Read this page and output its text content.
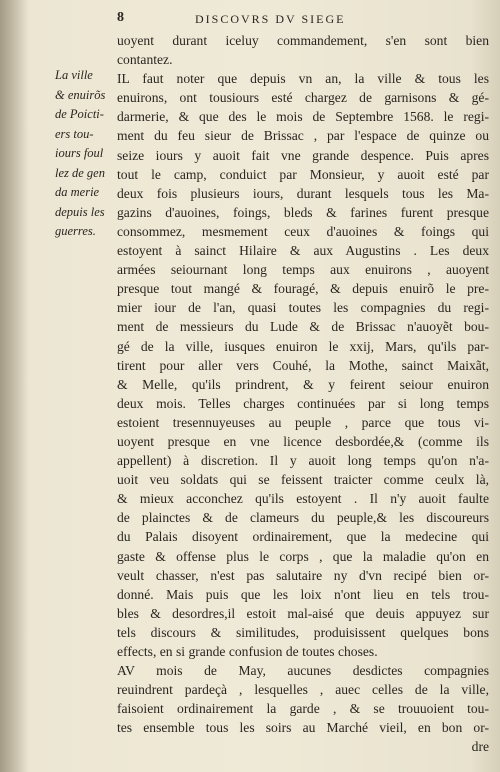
8	DISCOVRS DV SIEGE
La ville
& enuirõs
de Poicti-
ers tou-
iours foul
lez de gen
da merie
depuis les
guerres.
uoyent durant iceluy commandement, s'en sont bien
contantez.
IL faut noter que depuis vn an, la ville & tous les
enuirons, ont tousiours esté chargez de garnisons & gé-
darmerie, & que des le mois de Septembre 1568. le regi-
ment du feu sieur de Brissac , par l'espace de quinze ou
seize iours y auoit fait vne grande despence. Puis apres
tout le camp, conduict par Monsieur, y auoit esté par
deux fois plusieurs iours, durant lesquels tous les Ma-
gazins d'auoines, foings, bleds & farines furent presque
consommez, mesmement ceux d'auoines & foings qui
estoyent à sainct Hilaire & aux Augustins . Les deux
armées seiournant long temps aux enuirons , auoyent
presque tout mangé & fouragé, & depuis enuirõ le pre-
mier iour de l'an, quasi toutes les compagnies du regi-
ment de messieurs du Lude & de Brissac n'auoyẽt bou-
gé de la ville, iusques enuiron le xxij, Mars, qu'ils par-
tirent pour aller vers Couhé, la Mothe, sainct Maixãt,
& Melle, qu'ils prindrent, & y feirent seiour enuiron
deux mois. Telles charges continuées par si long temps
estoient tresennuyeuses au peuple , parce que tous vi-
uoyent presque en vne licence desbordée,& (comme ils
appellent) à discretion. Il y auoit long temps qu'on n'a-
uoit veu soldats qui se feissent traicter comme ceulx là,
& mieux acconchez qu'ils estoyent . Il n'y auoit faulte
de plainctes & de clameurs du peuple,& les discoureurs
du Palais disoyent ordinairement, que la medecine qui
gaste & offense plus le corps , que la maladie qu'on en
veult chasser, n'est pas salutaire ny d'vn recipé bien or-
donné. Mais puis que les loix n'ont lieu en tels trou-
bles & desordres,il estoit mal-aisé que deuis appuyez sur
tels discours & similitudes, produisissent quelques bons
effects, en si grande confusion de toutes choses.
AV mois de May, aucunes desdictes compagnies
reuindrent pardeçà , lesquelles , auec celles de la ville,
faisoient ordinairement la garde , & se trouuoient tou-
tes ensemble tous les soirs au Marché vieil, en bon or-
dre
